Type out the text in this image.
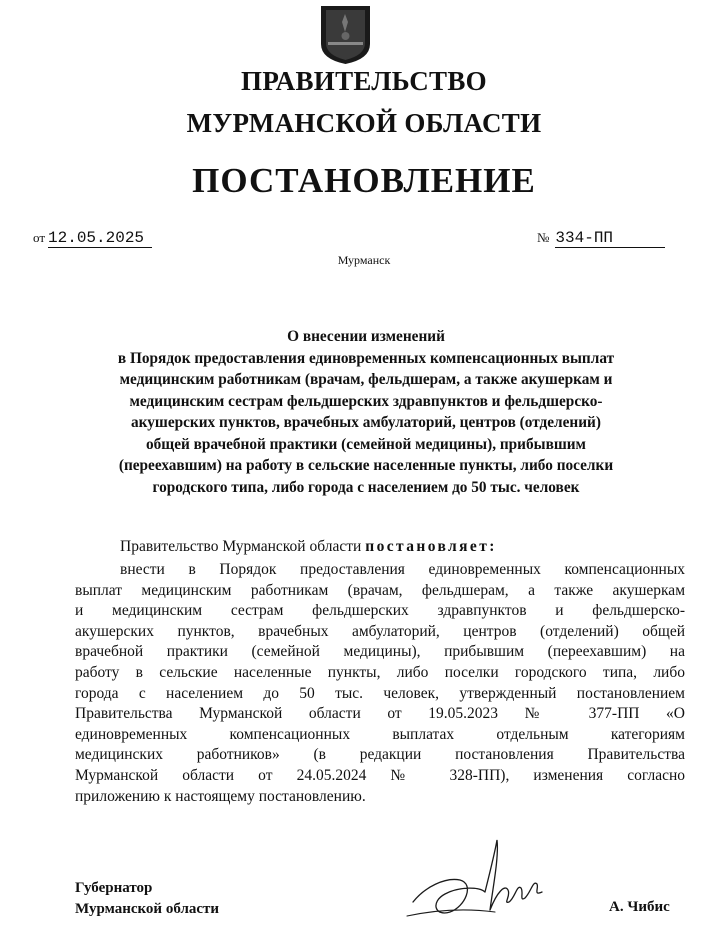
ПРАВИТЕЛЬСТВО
МУРМАНСКОЙ ОБЛАСТИ
ПОСТАНОВЛЕНИЕ
от 12.05.2025	№ 334-ПП
Мурманск
О внесении изменений
в Порядок предоставления единовременных компенсационных выплат
медицинским работникам (врачам, фельдшерам, а также акушеркам и
медицинским сестрам фельдшерских здравпунктов и фельдшерско-
акушерских пунктов, врачебных амбулаторий, центров (отделений)
общей врачебной практики (семейной медицины), прибывшим
(переехавшим) на работу в сельские населенные пункты, либо поселки
городского типа, либо города с населением до 50 тыс. человек
Правительство Мурманской области постановляет:
внести в Порядок предоставления единовременных компенсационных
выплат медицинским работникам (врачам, фельдшерам, а также акушеркам
и медицинским сестрам фельдшерских здравпунктов и фельдшерско-
акушерских пунктов, врачебных амбулаторий, центров (отделений) общей
врачебной практики (семейной медицины), прибывшим (переехавшим) на
работу в сельские населенные пункты, либо поселки городского типа, либо
города с населением до 50 тыс. человек, утвержденный постановлением
Правительства Мурманской области от 19.05.2023 № 377-ПП «О
единовременных компенсационных выплатах отдельным категориям
медицинских работников» (в редакции постановления Правительства
Мурманской области от 24.05.2024 № 328-ПП), изменения согласно
приложению к настоящему постановлению.
Губернатор
Мурманской области	А. Чибис
